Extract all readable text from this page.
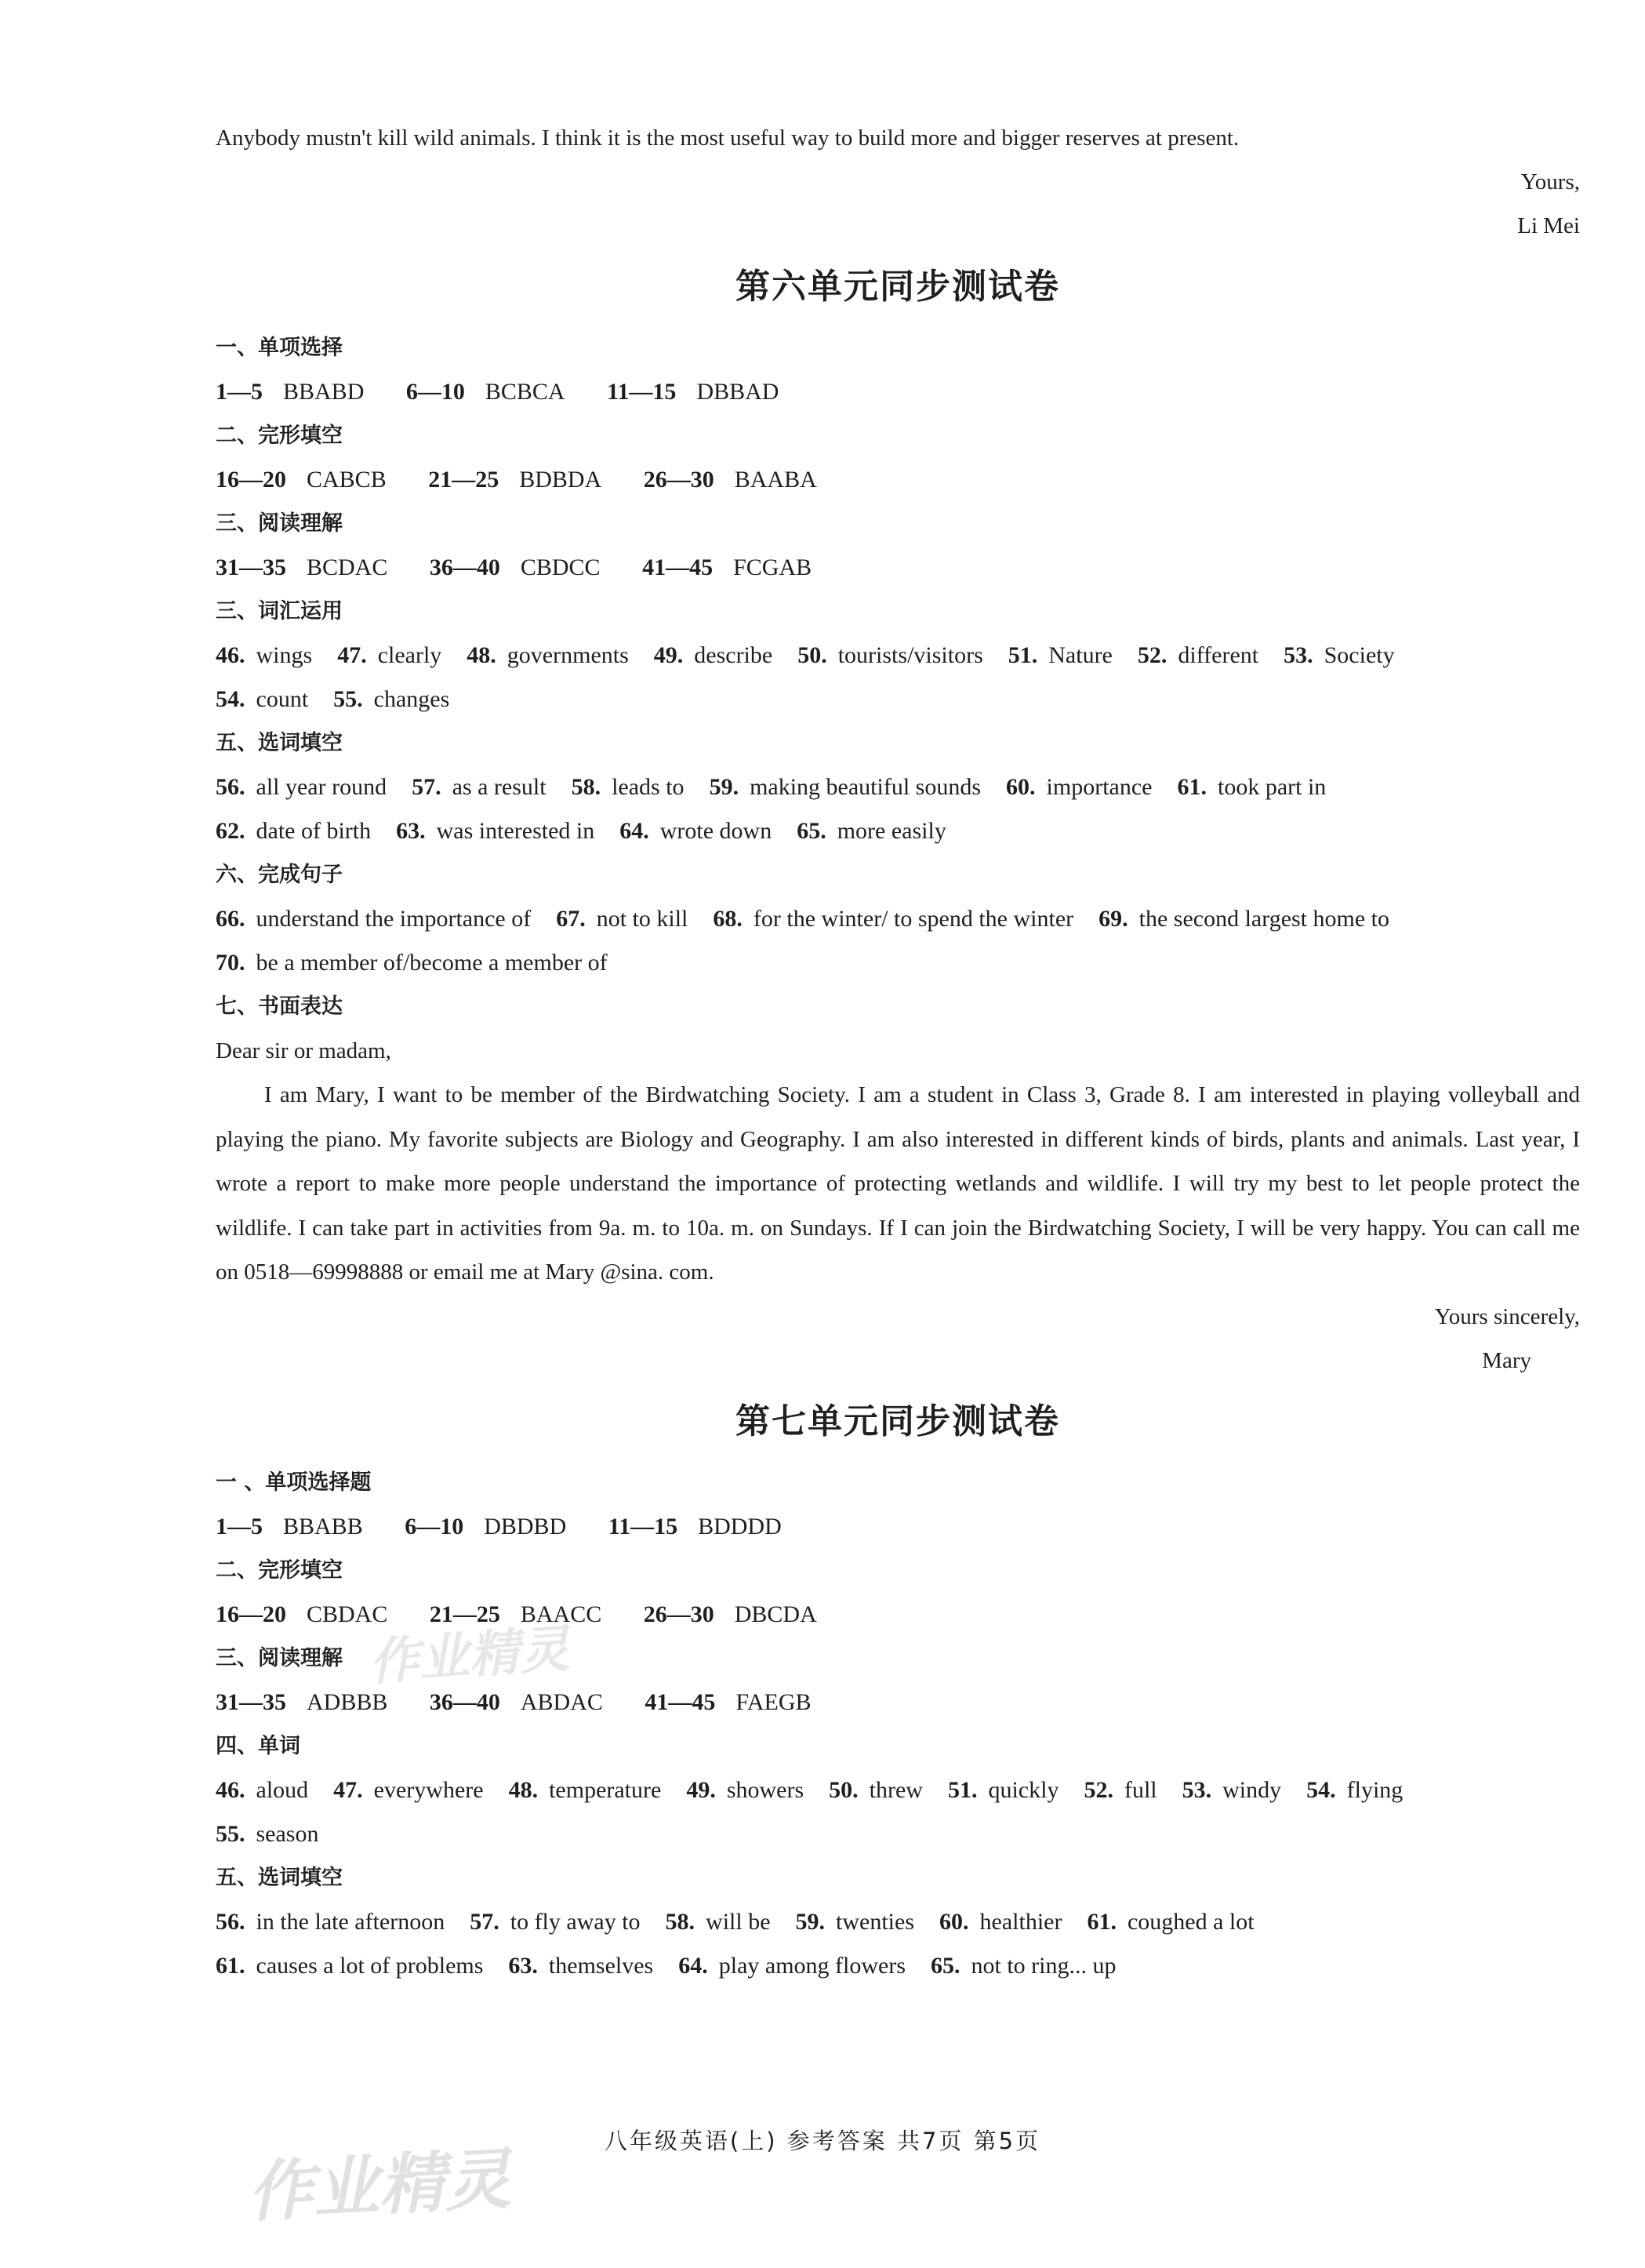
Anybody mustn't kill wild animals. I think it is the most useful way to build more and bigger reserves at present.
Yours,
Li Mei
第六单元同步测试卷
一、单项选择
1—5 BBABD 6—10 BCBCA 11—15 DBBAD
二、完形填空
16—20 CABCB 21—25 BDBDA 26—30 BAABA
三、阅读理解
31—35 BCDAC 36—40 CBDCC 41—45 FCGAB
三、词汇运用
46. wings 47. clearly 48. governments 49. describe 50. tourists/visitors 51. Nature 52. different 53. Society
54. count 55. changes
五、选词填空
56. all year round 57. as a result 58. leads to 59. making beautiful sounds 60. importance 61. took part in
62. date of birth 63. was interested in 64. wrote down 65. more easily
六、完成句子
66. understand the importance of 67. not to kill 68. for the winter/ to spend the winter 69. the second largest home to
70. be a member of/become a member of
七、书面表达
Dear sir or madam,

I am Mary, I want to be member of the Birdwatching Society. I am a student in Class 3, Grade 8. I am interested in playing volleyball and playing the piano. My favorite subjects are Biology and Geography. I am also interested in different kinds of birds, plants and animals. Last year, I wrote a report to make more people understand the importance of protecting wetlands and wildlife. I will try my best to let people protect the wildlife. I can take part in activities from 9a. m. to 10a. m. on Sundays. If I can join the Birdwatching Society, I will be very happy. You can call me on 0518—69998888 or email me at Mary @sina. com.

Yours sincerely,
Mary
第七单元同步测试卷
一 、单项选择题
1—5 BBABB 6—10 DBDBD 11—15 BDDDD
二、完形填空
16—20 CBDAC 21—25 BAACC 26—30 DBCDA
三、阅读理解
31—35 ADBBB 36—40 ABDAC 41—45 FAEGB
四、单词
46. aloud 47. everywhere 48. temperature 49. showers 50. threw 51. quickly 52. full 53. windy 54. flying
55. season
五、选词填空
56. in the late afternoon 57. to fly away to 58. will be 59. twenties 60. healthier 61. coughed a lot
61. causes a lot of problems 63. themselves 64. play among flowers 65. not to ring... up
作业精灵
作业精灵	八年级英语(上) 参考答案 共7页 第5页
